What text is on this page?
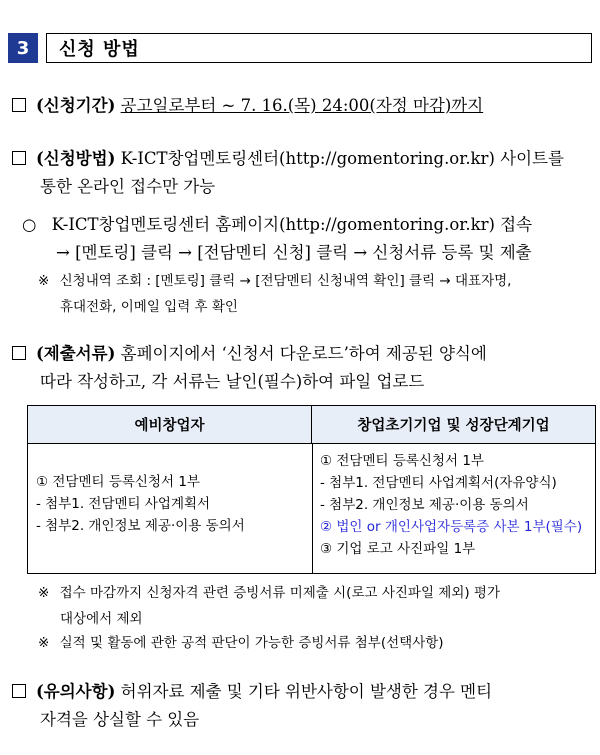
3	신청 방법
(신청기간) 공고일로부터 ~ 7. 16.(목) 24:00(자정 마감)까지
(신청방법) K-ICT창업멘토링센터(http://gomentoring.or.kr) 사이트를
통한 온라인 접수만 가능
○ K-ICT창업멘토링센터 홈페이지(http://gomentoring.or.kr) 접속
→ [멘토링] 클릭 → [전담멘티 신청] 클릭 → 신청서류 등록 및 제출
※ 신청내역 조회 : [멘토링] 클릭 → [전담멘티 신청내역 확인] 클릭 → 대표자명,
휴대전화, 이메일 입력 후 확인
(제출서류) 홈페이지에서 ‘신청서 다운로드’하여 제공된 양식에
따라 작성하고, 각 서류는 날인(필수)하여 파일 업로드
예비창업자	창업초기기업 및 성장단계기업
① 전담멘티 등록신청서 1부
- 첨부1. 전담멘티 사업계획서
- 첨부2. 개인정보 제공·이용 동의서
① 전담멘티 등록신청서 1부
- 첨부1. 전담멘티 사업계획서(자유양식)
- 첨부2. 개인정보 제공·이용 동의서
② 법인 or 개인사업자등록증 사본 1부(필수)
③ 기업 로고 사진파일 1부
※ 접수 마감까지 신청자격 관련 증빙서류 미제출 시(로고 사진파일 제외) 평가
대상에서 제외
※ 실적 및 활동에 관한 공적 판단이 가능한 증빙서류 첨부(선택사항)
(유의사항) 허위자료 제출 및 기타 위반사항이 발생한 경우 멘티
자격을 상실할 수 있음
